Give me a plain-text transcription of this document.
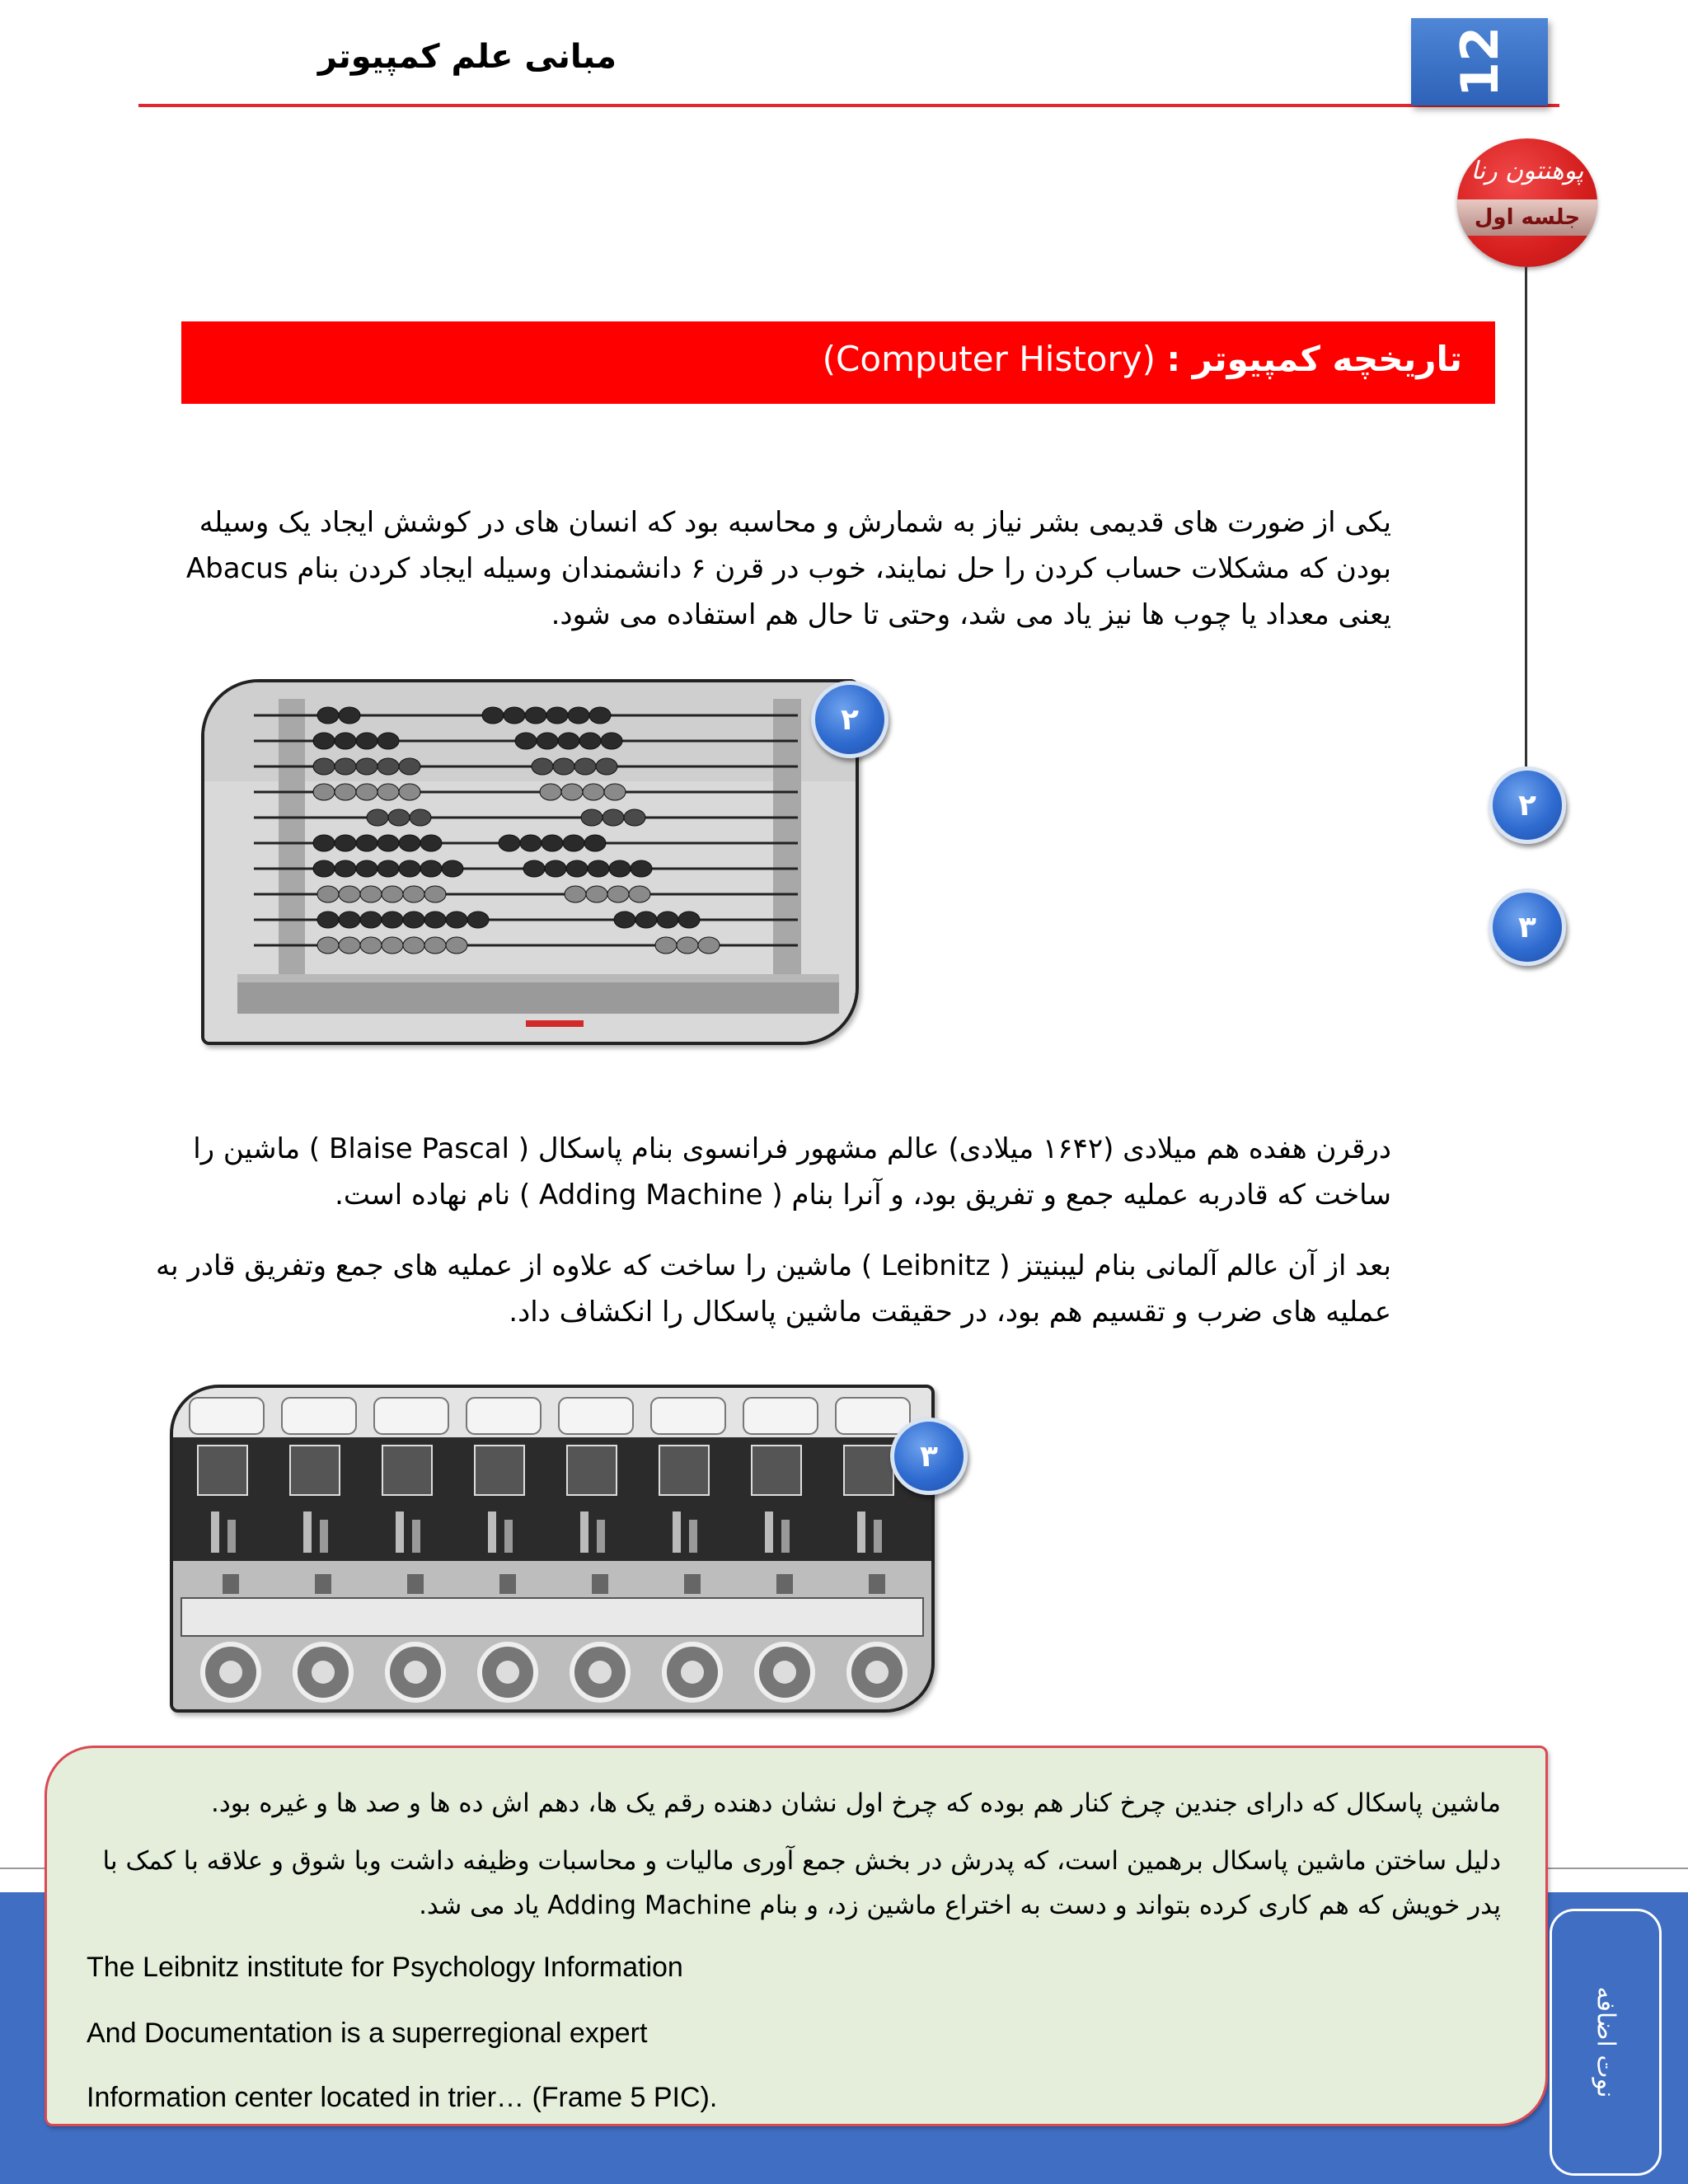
مبانی علم کمپیوتر	12
پوهنتون رنا
جلسه اول
٢
٣
تاریخچه کمپیوتر : (Computer History)
یکی از ضورت های قدیمی بشر نیاز به شمارش و محاسبه بود که انسان های در کوشش ایجاد یک وسیله بودن که مشکلات حساب کردن را حل نمایند، خوب در قرن ۶ دانشمندان وسیله ایجاد کردن بنام Abacus یعنی معداد یا چوب ها نیز یاد می شد، وحتی تا حال هم استفاده می شود.
٢
درقرن هفده هم میلادی (۱۶۴۲ میلادی) عالم مشهور فرانسوی بنام پاسکال ( Blaise Pascal ) ماشین را ساخت که قادربه عملیه جمع و تفریق بود، و آنرا بنام ( Adding Machine ) نام نهاده است.
بعد از آن عالم آلمانی بنام لیبنیتز ( Leibnitz ) ماشین را ساخت که علاوه از عملیه های جمع وتفریق قادر به عملیه های ضرب و تقسیم هم بود، در حقیقت ماشین پاسکال را انکشاف داد.
٣
ماشین پاسکال که دارای جندین چرخ کنار هم بوده که چرخ اول نشان دهنده رقم یک ها، دهم اش ده ها و صد ها و غیره بود.
دلیل ساختن ماشین پاسکال برهمین است، که پدرش در بخش جمع آوری مالیات و محاسبات وظیفه داشت وبا شوق و علاقه با کمک با پدر خویش که هم کاری کرده بتواند و دست به اختراع ماشین زد، و بنام Adding Machine یاد می شد.
The Leibnitz institute for Psychology Information
And Documentation is a superregional expert
Information center located in trier… (Frame 5 PIC).	نوت اضافه
